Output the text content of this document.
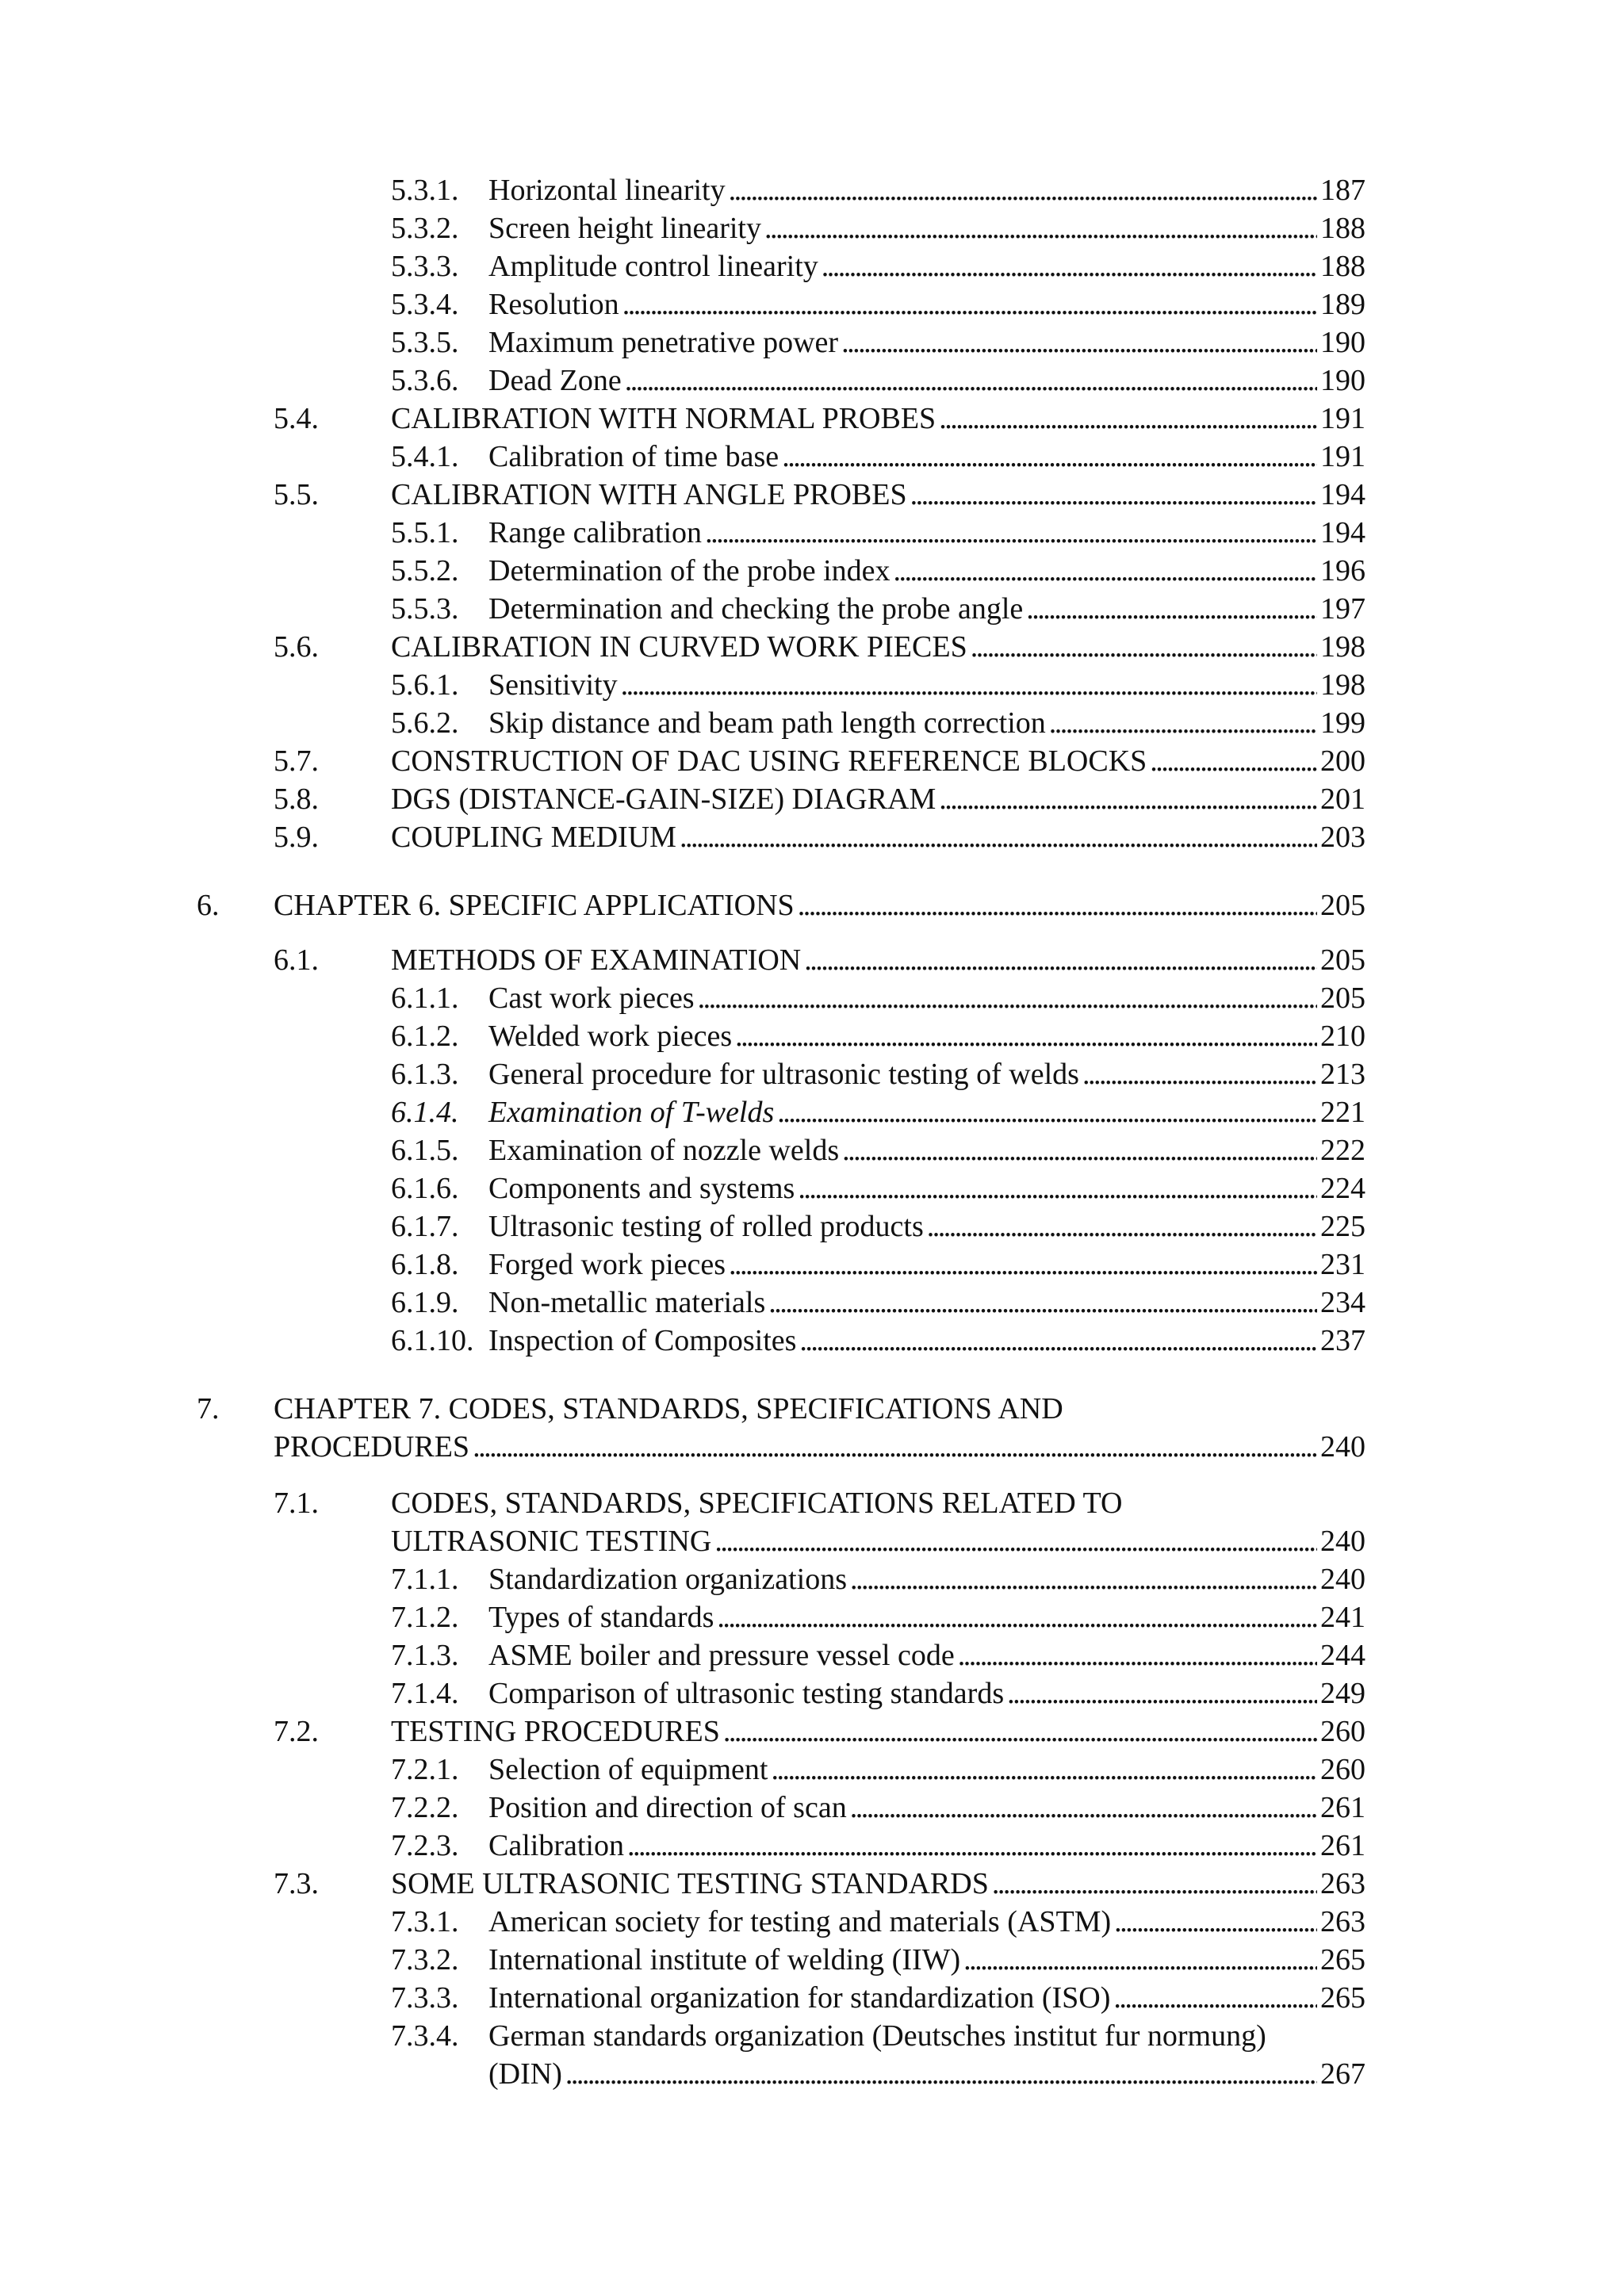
5.3.1. Horizontal linearity . . .	187
5.3.2. Screen height linearity . . .	188
5.3.3. Amplitude control linearity . . .	188
5.3.4. Resolution . . .	189
5.3.5. Maximum penetrative power . . .	190
5.3.6. Dead Zone . . .	190
5.4. CALIBRATION WITH NORMAL PROBES . . .	191
5.4.1. Calibration of time base . . .	191
5.5. CALIBRATION WITH ANGLE PROBES . . .	194
5.5.1. Range calibration . . .	194
5.5.2. Determination of the probe index . . .	196
5.5.3. Determination and checking the probe angle . . .	197
5.6. CALIBRATION IN CURVED WORK PIECES . . .	198
5.6.1. Sensitivity . . .	198
5.6.2. Skip distance and beam path length correction . . .	199
5.7. CONSTRUCTION OF DAC USING REFERENCE BLOCKS . . .	200
5.8. DGS (DISTANCE-GAIN-SIZE) DIAGRAM . . .	201
5.9. COUPLING MEDIUM . . .	203
6. CHAPTER 6. SPECIFIC APPLICATIONS . . .	205
6.1. METHODS OF EXAMINATION . . .	205
6.1.1. Cast work pieces . . .	205
6.1.2. Welded work pieces . . .	210
6.1.3. General procedure for ultrasonic testing of welds . . .	213
6.1.4. Examination of T-welds . . .	221
6.1.5. Examination of nozzle welds . . .	222
6.1.6. Components and systems . . .	224
6.1.7. Ultrasonic testing of rolled products . . .	225
6.1.8. Forged work pieces . . .	231
6.1.9. Non-metallic materials . . .	234
6.1.10. Inspection of Composites . . .	237
7. CHAPTER 7. CODES, STANDARDS, SPECIFICATIONS AND
PROCEDURES . . .	240
7.1. CODES, STANDARDS, SPECIFICATIONS RELATED TO
ULTRASONIC TESTING . . .	240
7.1.1. Standardization organizations . . .	240
7.1.2. Types of standards . . .	241
7.1.3. ASME boiler and pressure vessel code . . .	244
7.1.4. Comparison of ultrasonic testing standards . . .	249
7.2. TESTING PROCEDURES . . .	260
7.2.1. Selection of equipment . . .	260
7.2.2. Position and direction of scan . . .	261
7.2.3. Calibration . . .	261
7.3. SOME ULTRASONIC TESTING STANDARDS . . .	263
7.3.1. American society for testing and materials (ASTM) . . .	263
7.3.2. International institute of welding (IIW) . . .	265
7.3.3. International organization for standardization (ISO) . . .	265
7.3.4. German standards organization (Deutsches institut fur normung)
(DIN) . . .	267
